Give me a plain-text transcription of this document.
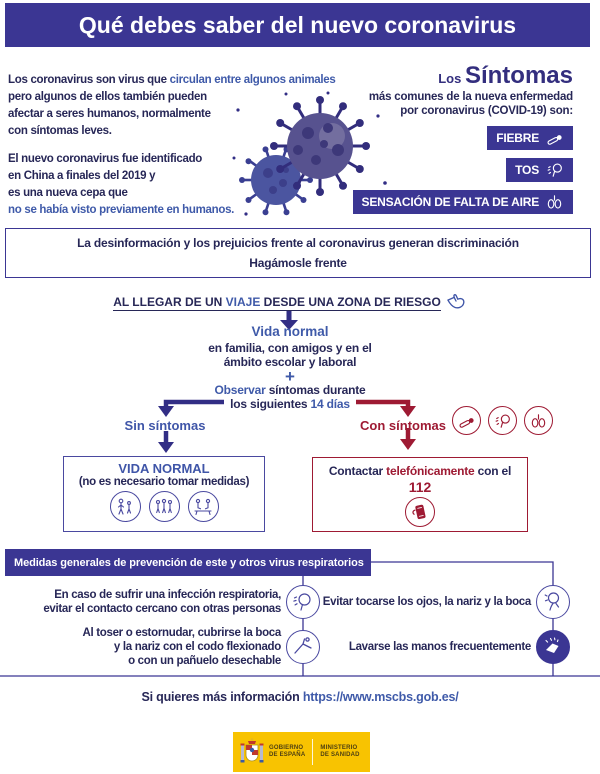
Qué debes saber del nuevo coronavirus
Los coronavirus son virus que circulan entre algunos animales
pero algunos de ellos también pueden
afectar a seres humanos, normalmente
con síntomas leves.
El nuevo coronavirus fue identificado
en China a finales del 2019 y
es una nueva cepa que
no se había visto previamente en humanos.
Los Síntomas
más comunes de la nueva enfermedad
por coronavirus (COVID-19) son:
FIEBRE
TOS
SENSACIÓN DE FALTA DE AIRE
La desinformación y los prejuicios frente al coronavirus generan discriminación
Hagámosle frente
AL LLEGAR DE UN VIAJE DESDE UNA ZONA DE RIESGO
Vida normal
en familia, con amigos y en el
ámbito escolar y laboral
+
Observar síntomas durante
los siguientes 14 días
Sin síntomas	Con síntomas
VIDA NORMAL
(no es necesario tomar medidas)
Contactar telefónicamente con el
112
Medidas generales de prevención de este y otros virus respiratorios
En caso de sufrir una infección respiratoria,
evitar el contacto cercano con otras personas
Al toser o estornudar, cubrirse la boca
y la nariz con el codo flexionado
o con un pañuelo desechable
Evitar tocarse los ojos, la nariz y la boca
Lavarse las manos frecuentemente
Si quieres más información https://www.mscbs.gob.es/
GOBIERNO
DE ESPAÑA
MINISTERIO
DE SANIDAD
